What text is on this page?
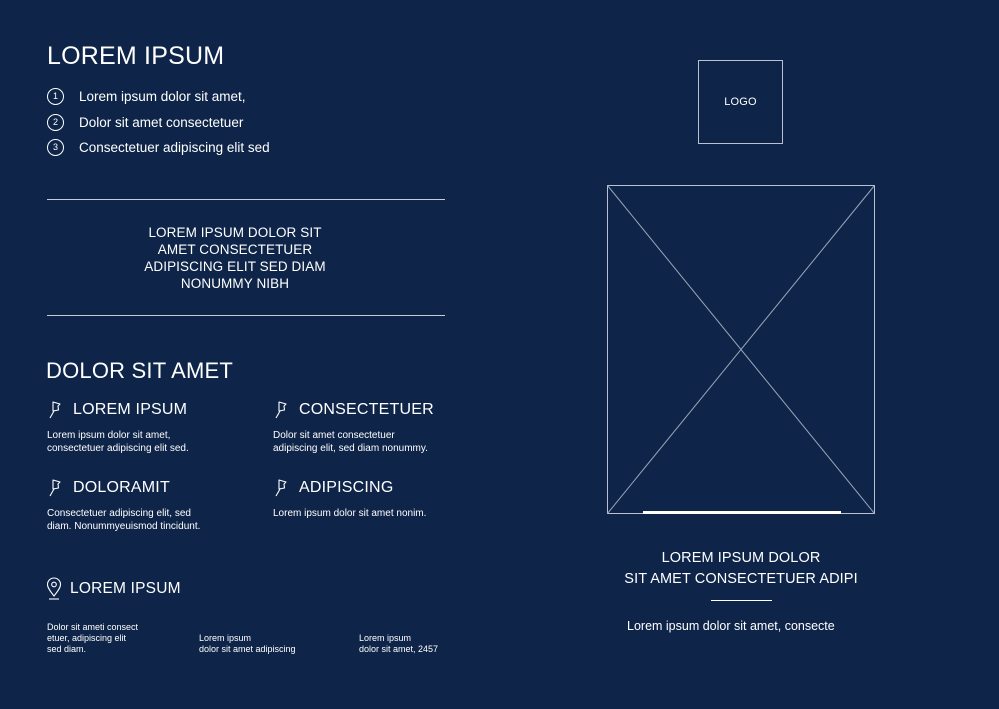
LOREM IPSUM
1	Lorem ipsum dolor sit amet,
2	Dolor sit amet consectetuer
3	Consectetuer adipiscing elit sed
LOREM IPSUM DOLOR SIT
AMET CONSECTETUER
ADIPISCING ELIT SED DIAM
NONUMMY NIBH
DOLOR SIT AMET
LOREM IPSUM
Lorem ipsum dolor sit amet,
consectetuer adipiscing elit sed.
CONSECTETUER
Dolor sit amet consectetuer
adipiscing elit, sed diam nonummy.
DOLORAMIT
Consectetuer adipiscing elit, sed
diam. Nonummyeuismod tincidunt.
ADIPISCING
Lorem ipsum dolor sit amet nonim.
LOREM IPSUM
Dolor sit ameti consect
etuer, adipiscing elit
sed diam.
Lorem ipsum
dolor sit amet adipiscing
Lorem ipsum
dolor sit amet, 2457
LOGO
LOREM IPSUM DOLOR
SIT AMET CONSECTETUER ADIPI
Lorem ipsum dolor sit amet, consecte
